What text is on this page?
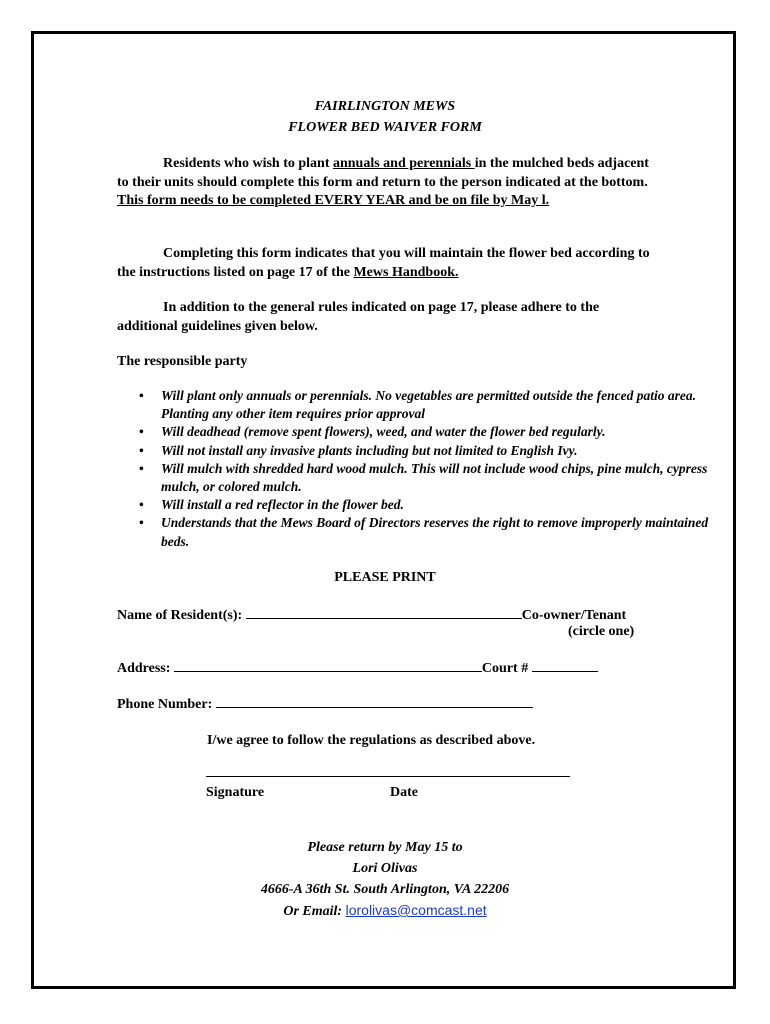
FAIRLINGTON MEWS
FLOWER BED WAIVER FORM
Residents who wish to plant annuals and perennials in the mulched beds adjacent to their units should complete this form and return to the person indicated at the bottom. This form needs to be completed EVERY YEAR and be on file by May l.
Completing this form indicates that you will maintain the flower bed according to the instructions listed on page 17 of the Mews Handbook.
In addition to the general rules indicated on page 17, please adhere to the additional guidelines given below.
The responsible party
• Will plant only annuals or perennials. No vegetables are permitted outside the fenced patio area. Planting any other item requires prior approval
• Will deadhead (remove spent flowers), weed, and water the flower bed regularly.
• Will not install any invasive plants including but not limited to English Ivy.
• Will mulch with shredded hard wood mulch. This will not include wood chips, pine mulch, cypress mulch, or colored mulch.
• Will install a red reflector in the flower bed.
• Understands that the Mews Board of Directors reserves the right to remove improperly maintained beds.
PLEASE PRINT
Name of Resident(s):	Co-owner/Tenant
(circle one)
Address:	Court #
Phone Number:
I/we agree to follow the regulations as described above.
Signature	Date
Please return by May 15 to
Lori Olivas
4666-A 36th St. South Arlington, VA 22206
Or Email: lorolivas@comcast.net
